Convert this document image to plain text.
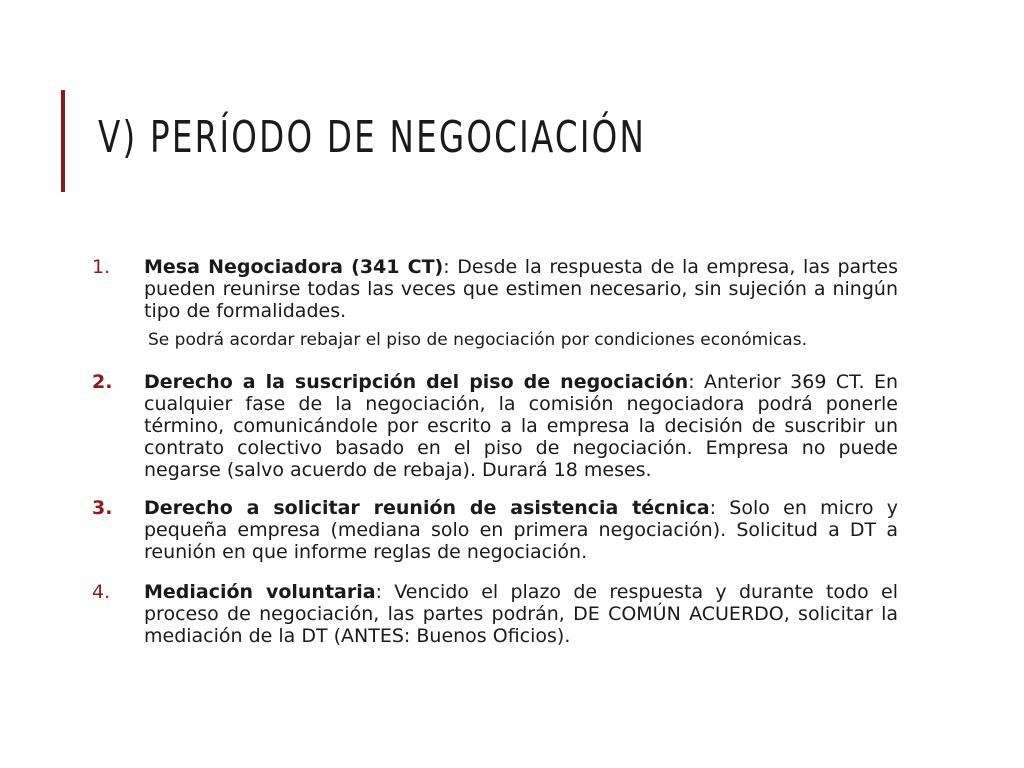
V) PERÍODO DE NEGOCIACIÓN
1. Mesa Negociadora (341 CT): Desde la respuesta de la empresa, las partes pueden reunirse todas las veces que estimen necesario, sin sujeción a ningún tipo de formalidades.

Se podrá acordar rebajar el piso de negociación por condiciones económicas.

2. Derecho a la suscripción del piso de negociación: Anterior 369 CT. En cualquier fase de la negociación, la comisión negociadora podrá ponerle término, comunicándole por escrito a la empresa la decisión de suscribir un contrato colectivo basado en el piso de negociación. Empresa no puede negarse (salvo acuerdo de rebaja). Durará 18 meses.

3. Derecho a solicitar reunión de asistencia técnica: Solo en micro y pequeña empresa (mediana solo en primera negociación). Solicitud a DT a reunión en que informe reglas de negociación.

4. Mediación voluntaria: Vencido el plazo de respuesta y durante todo el proceso de negociación, las partes podrán, DE COMÚN ACUERDO, solicitar la mediación de la DT (ANTES: Buenos Oficios).
